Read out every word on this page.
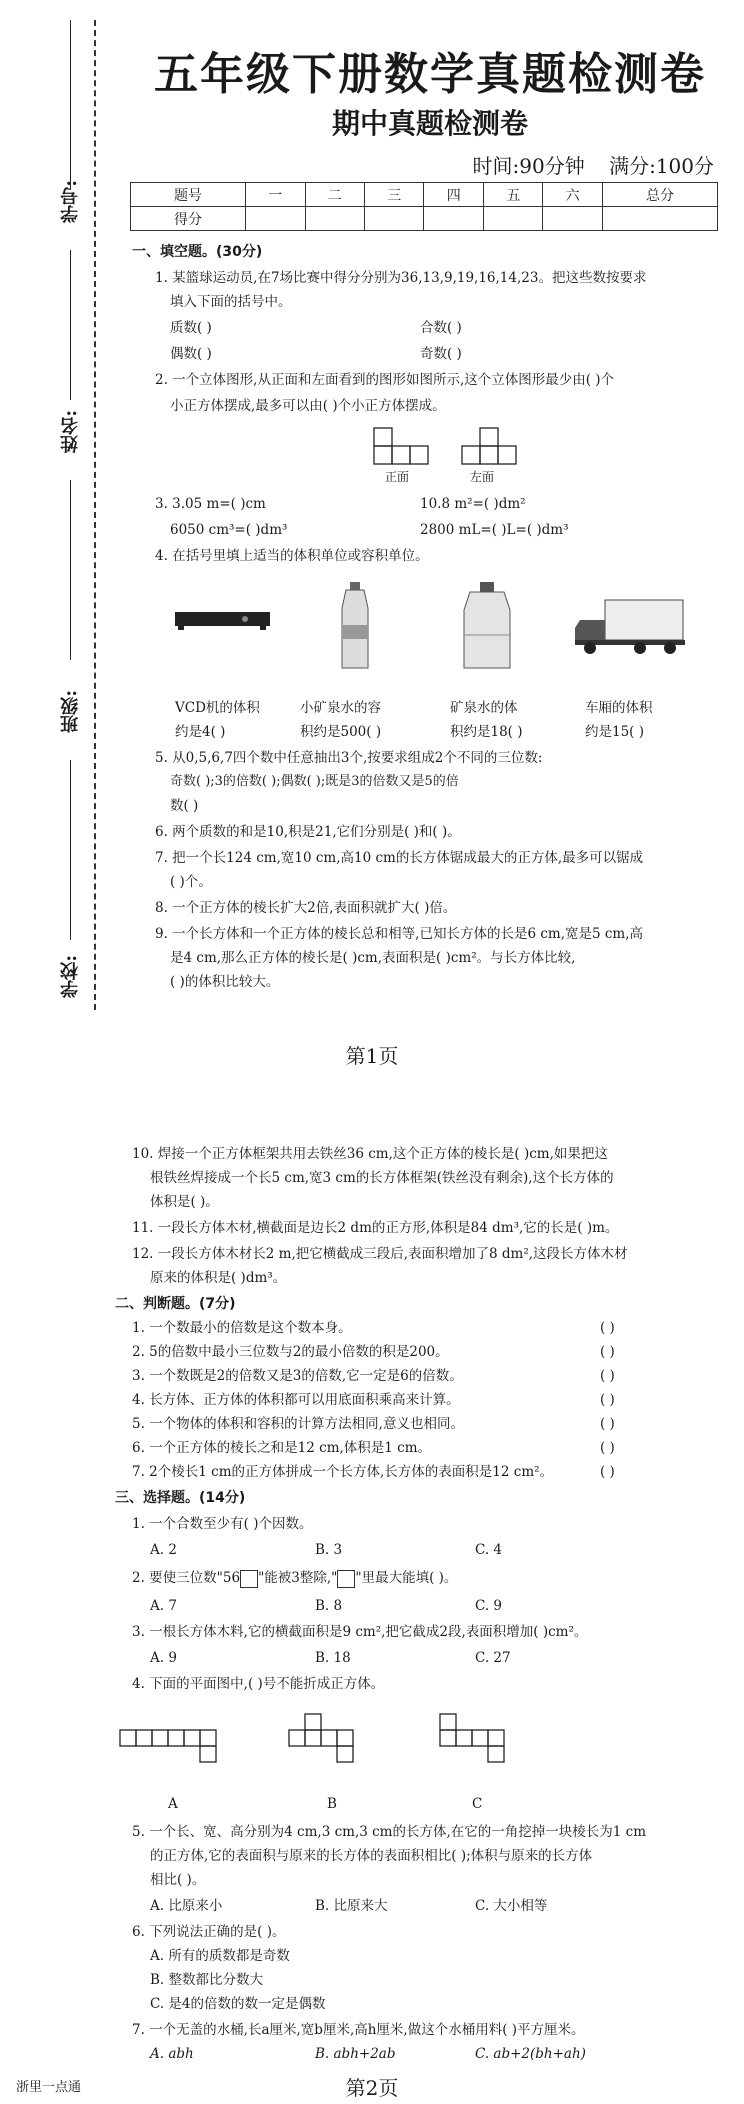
学号:
姓名:
班级:
学校:
五年级下册数学真题检测卷
期中真题检测卷
时间:90分钟 满分:100分
题号	一	二	三	四	五	六	总分
得分							
一、填空题。(30分)
1. 某篮球运动员,在7场比赛中得分分别为36,13,9,19,16,14,23。把这些数按要求
填入下面的括号中。
质数( )	合数( )
偶数( )	奇数( )
2. 一个立体图形,从正面和左面看到的图形如图所示,这个立体图形最少由( )个
小正方体摆成,最多可以由( )个小正方体摆成。
正面	左面
3. 3.05 m=( )cm	10.8 m²=( )dm²
6050 cm³=( )dm³	2800 mL=( )L=( )dm³
4. 在括号里填上适当的体积单位或容积单位。
VCD机的体积	小矿泉水的容	矿泉水的体	车厢的体积
约是4( )	积约是500( )	积约是18( )	约是15( )
5. 从0,5,6,7四个数中任意抽出3个,按要求组成2个不同的三位数:
奇数( );3的倍数( );偶数( );既是3的倍数又是5的倍
数( )
6. 两个质数的和是10,积是21,它们分别是( )和( )。
7. 把一个长124 cm,宽10 cm,高10 cm的长方体锯成最大的正方体,最多可以锯成
( )个。
8. 一个正方体的棱长扩大2倍,表面积就扩大( )倍。
9. 一个长方体和一个正方体的棱长总和相等,已知长方体的长是6 cm,宽是5 cm,高
是4 cm,那么正方体的棱长是( )cm,表面积是( )cm²。与长方体比较,
( )的体积比较大。
第1页
10. 焊接一个正方体框架共用去铁丝36 cm,这个正方体的棱长是( )cm,如果把这
根铁丝焊接成一个长5 cm,宽3 cm的长方体框架(铁丝没有剩余),这个长方体的
体积是( )。
11. 一段长方体木材,横截面是边长2 dm的正方形,体积是84 dm³,它的长是( )m。
12. 一段长方体木材长2 m,把它横截成三段后,表面积增加了8 dm²,这段长方体木材
原来的体积是( )dm³。
二、判断题。(7分)
1. 一个数最小的倍数是这个数本身。	( )
2. 5的倍数中最小三位数与2的最小倍数的积是200。	( )
3. 一个数既是2的倍数又是3的倍数,它一定是6的倍数。	( )
4. 长方体、正方体的体积都可以用底面积乘高来计算。	( )
5. 一个物体的体积和容积的计算方法相同,意义也相同。	( )
6. 一个正方体的棱长之和是12 cm,体积是1 cm。	( )
7. 2个棱长1 cm的正方体拼成一个长方体,长方体的表面积是12 cm²。	( )
三、选择题。(14分)
1. 一个合数至少有( )个因数。
A. 2	B. 3	C. 4
2. 要使三位数"56 "能被3整除," "里最大能填( )。
A. 7	B. 8	C. 9
3. 一根长方体木料,它的横截面积是9 cm²,把它截成2段,表面积增加( )cm²。
A. 9	B. 18	C. 27
4. 下面的平面图中,( )号不能折成正方体。
A	B	C
5. 一个长、宽、高分别为4 cm,3 cm,3 cm的长方体,在它的一角挖掉一块棱长为1 cm
的正方体,它的表面积与原来的长方体的表面积相比( );体积与原来的长方体
相比( )。
A. 比原来小	B. 比原来大	C. 大小相等
6. 下列说法正确的是( )。
A. 所有的质数都是奇数
B. 整数都比分数大
C. 是4的倍数的数一定是偶数
7. 一个无盖的水桶,长a厘米,宽b厘米,高h厘米,做这个水桶用料( )平方厘米。
A. abh	B. abh+2ab	C. ab+2(bh+ah)
浙里一点通	第2页
